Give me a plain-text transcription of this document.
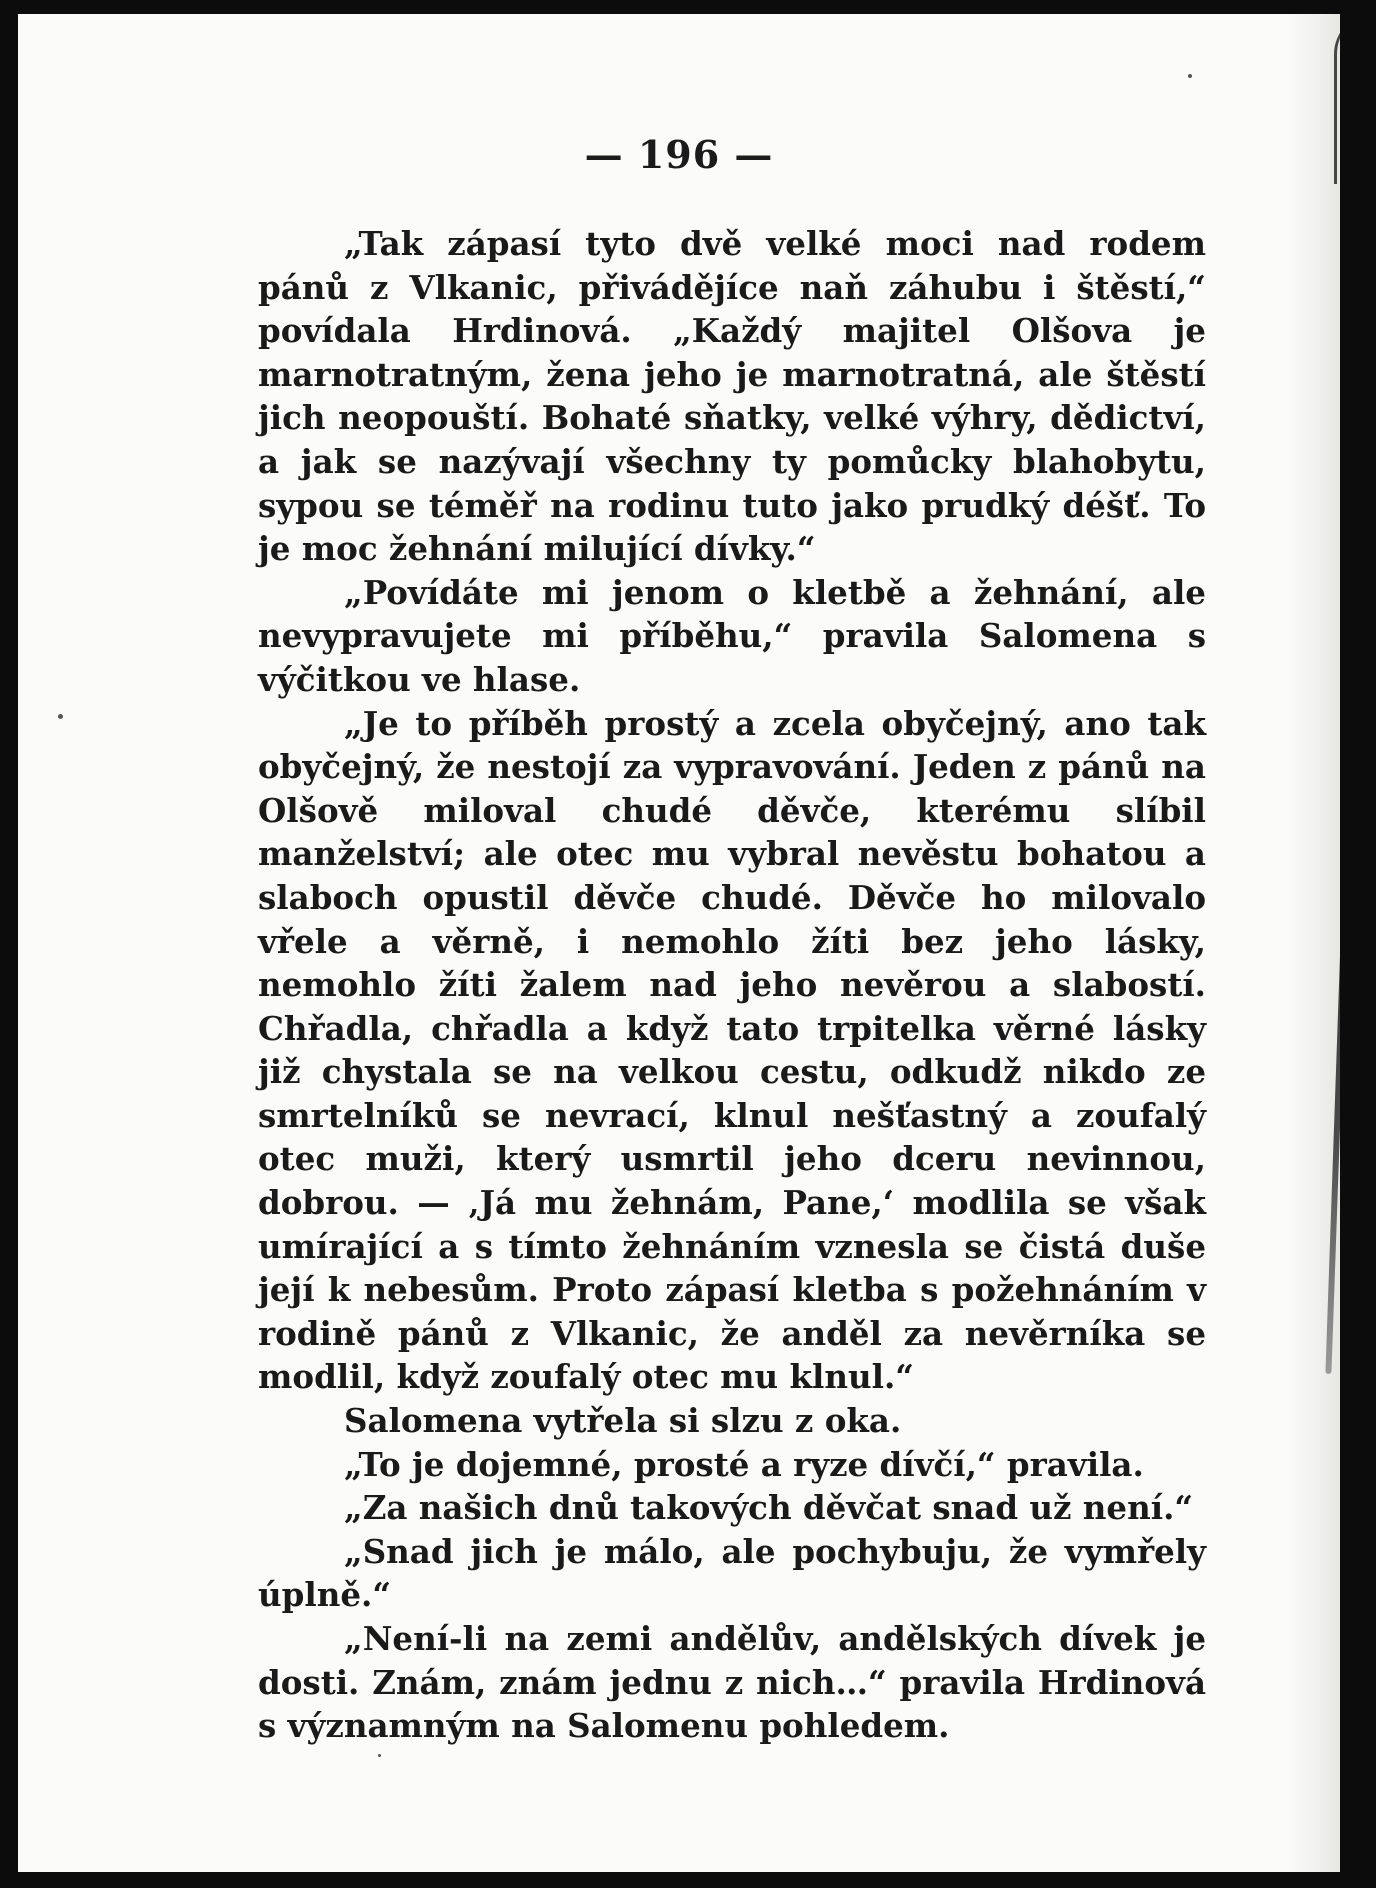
— 196 —

„Tak zápasí tyto dvě velké moci nad rodem pánů z Vlkanic, přivádějíce naň záhubu i štěstí,“ povídala Hrdinová. „Každý majitel Olšova je marnotratným, žena jeho je marnotratná, ale štěstí jich neopouští. Bohaté sňatky, velké výhry, dědictví, a jak se nazývají všechny ty pomůcky blahobytu, sypou se téměř na rodinu tuto jako prudký déšť. To je moc žehnání milující dívky.“

„Povídáte mi jenom o kletbě a žehnání, ale nevypravujete mi příběhu,“ pravila Salomena s výčitkou ve hlase.

„Je to příběh prostý a zcela obyčejný, ano tak obyčejný, že nestojí za vypravování. Jeden z pánů na Olšově miloval chudé děvče, kterému slíbil manželství; ale otec mu vybral nevěstu bohatou a slaboch opustil děvče chudé. Děvče ho milovalo vřele a věrně, i nemohlo žíti bez jeho lásky, nemohlo žíti žalem nad jeho nevěrou a slabostí. Chřadla, chřadla a když tato trpitelka věrné lásky již chystala se na velkou cestu, odkudž nikdo ze smrtelníků se nevrací, klnul nešťastný a zoufalý otec muži, který usmrtil jeho dceru nevinnou, dobrou. — ‚Já mu žehnám, Pane,‘ modlila se však umírající a s tímto žehnáním vznesla se čistá duše její k nebesům. Proto zápasí kletba s požehnáním v rodině pánů z Vlkanic, že anděl za nevěrníka se modlil, když zoufalý otec mu klnul.“

Salomena vytřela si slzu z oka.

„To je dojemné, prosté a ryze dívčí,“ pravila.

„Za našich dnů takových děvčat snad už není.“

„Snad jich je málo, ale pochybuju, že vymřely úplně.“

„Není-li na zemi andělův, andělských dívek je dosti. Znám, znám jednu z nich…“ pravila Hrdinová s významným na Salomenu pohledem.
